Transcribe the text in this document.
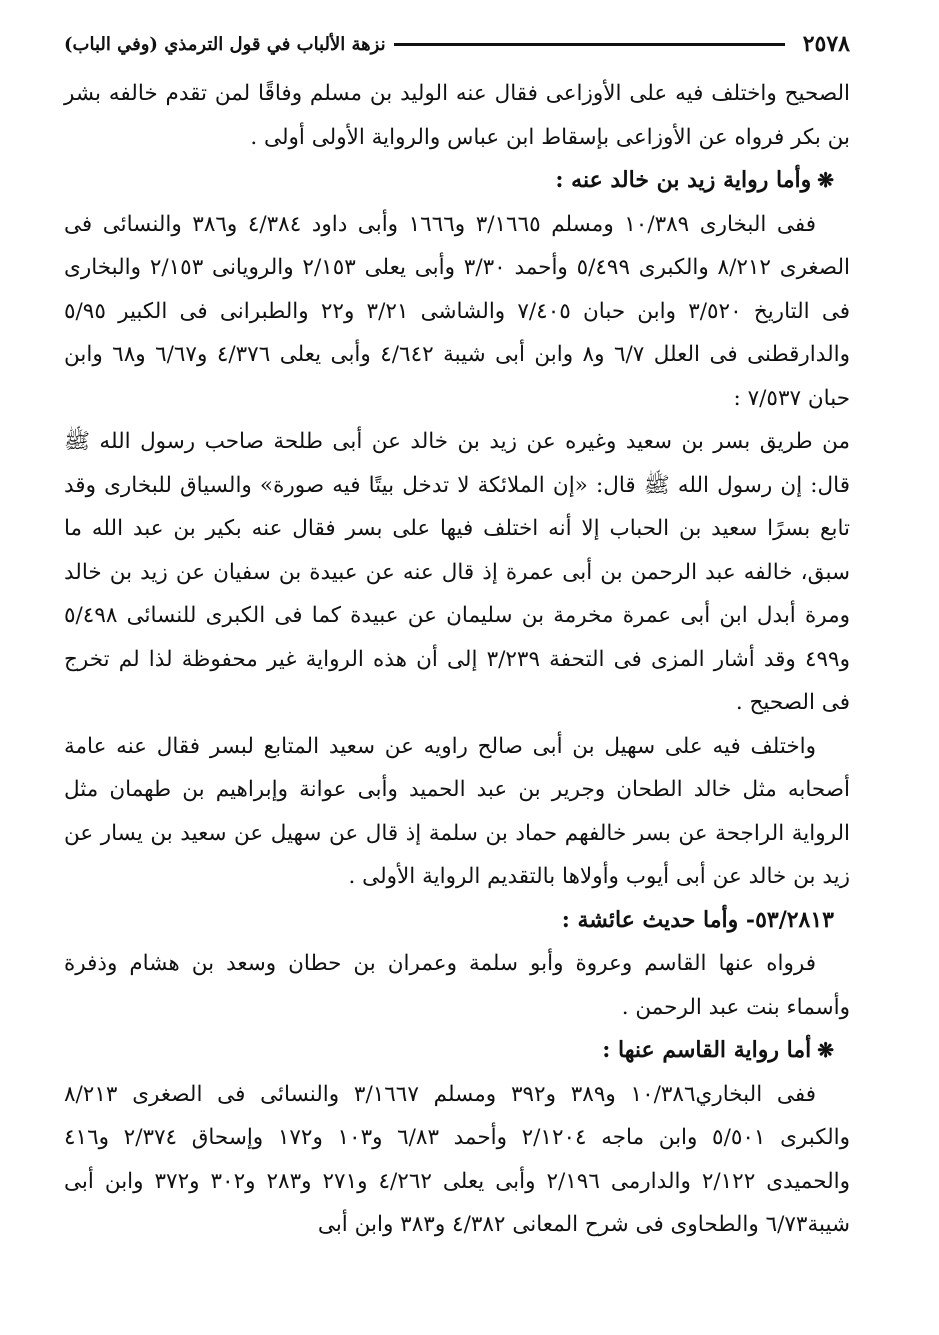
٢٥٧٨
نزهة الألباب في قول الترمذي (وفي الباب)

الصحيح واختلف فيه على الأوزاعى فقال عنه الوليد بن مسلم وفاقًا لمن تقدم خالفه بشر بن بكر فرواه عن الأوزاعى بإسقاط ابن عباس والرواية الأولى أولى .

❋وأما رواية زيد بن خالد عنه :

ففى البخارى ١٠/٣٨٩ ومسلم ٣/١٦٦٥ و١٦٦٦ وأبى داود ٤/٣٨٤ و٣٨٦ والنسائى فى الصغرى ٨/٢١٢ والكبرى ٥/٤٩٩ وأحمد ٣/٣٠ وأبى يعلى ٢/١٥٣ والرويانى ٢/١٥٣ والبخارى فى التاريخ ٣/٥٢٠ وابن حبان ٧/٤٠٥ والشاشى ٣/٢١ و٢٢ والطبرانى فى الكبير ٥/٩٥ والدارقطنى فى العلل ٦/٧ و٨ وابن أبى شيبة ٤/٦٤٢ وأبى يعلى ٤/٣٧٦ و٦/٦٧ و٦٨ وابن حبان ٧/٥٣٧ :

من طريق بسر بن سعيد وغيره عن زيد بن خالد عن أبى طلحة صاحب رسول الله ﷺ قال: إن رسول الله ﷺ قال: «إن الملائكة لا تدخل بيتًا فيه صورة» والسياق للبخارى وقد تابع بسرًا سعيد بن الحباب إلا أنه اختلف فيها على بسر فقال عنه بكير بن عبد الله ما سبق، خالفه عبد الرحمن بن أبى عمرة إذ قال عنه عن عبيدة بن سفيان عن زيد بن خالد ومرة أبدل ابن أبى عمرة مخرمة بن سليمان عن عبيدة كما فى الكبرى للنسائى ٥/٤٩٨ و٤٩٩ وقد أشار المزى فى التحفة ٣/٢٣٩ إلى أن هذه الرواية غير محفوظة لذا لم تخرج فى الصحيح .

واختلف فيه على سهيل بن أبى صالح راويه عن سعيد المتابع لبسر فقال عنه عامة أصحابه مثل خالد الطحان وجرير بن عبد الحميد وأبى عوانة وإبراهيم بن طهمان مثل الرواية الراجحة عن بسر خالفهم حماد بن سلمة إذ قال عن سهيل عن سعيد بن يسار عن زيد بن خالد عن أبى أيوب وأولاها بالتقديم الرواية الأولى .

٥٣/٢٨١٣- وأما حديث عائشة :

فرواه عنها القاسم وعروة وأبو سلمة وعمران بن حطان وسعد بن هشام وذفرة وأسماء بنت عبد الرحمن .

❋أما رواية القاسم عنها :

ففى البخاري١٠/٣٨٦ و٣٨٩ و٣٩٢ ومسلم ٣/١٦٦٧ والنسائى فى الصغرى ٨/٢١٣ والكبرى ٥/٥٠١ وابن ماجه ٢/١٢٠٤ وأحمد ٦/٨٣ و١٠٣ و١٧٢ وإسحاق ٢/٣٧٤ و٤١٦ والحميدى ٢/١٢٢ والدارمى ٢/١٩٦ وأبى يعلى ٤/٢٦٢ و٢٧١ و٢٨٣ و٣٠٢ و٣٧٢ وابن أبى شيبة٦/٧٣ والطحاوى فى شرح المعانى ٤/٣٨٢ و٣٨٣ وابن أبى
